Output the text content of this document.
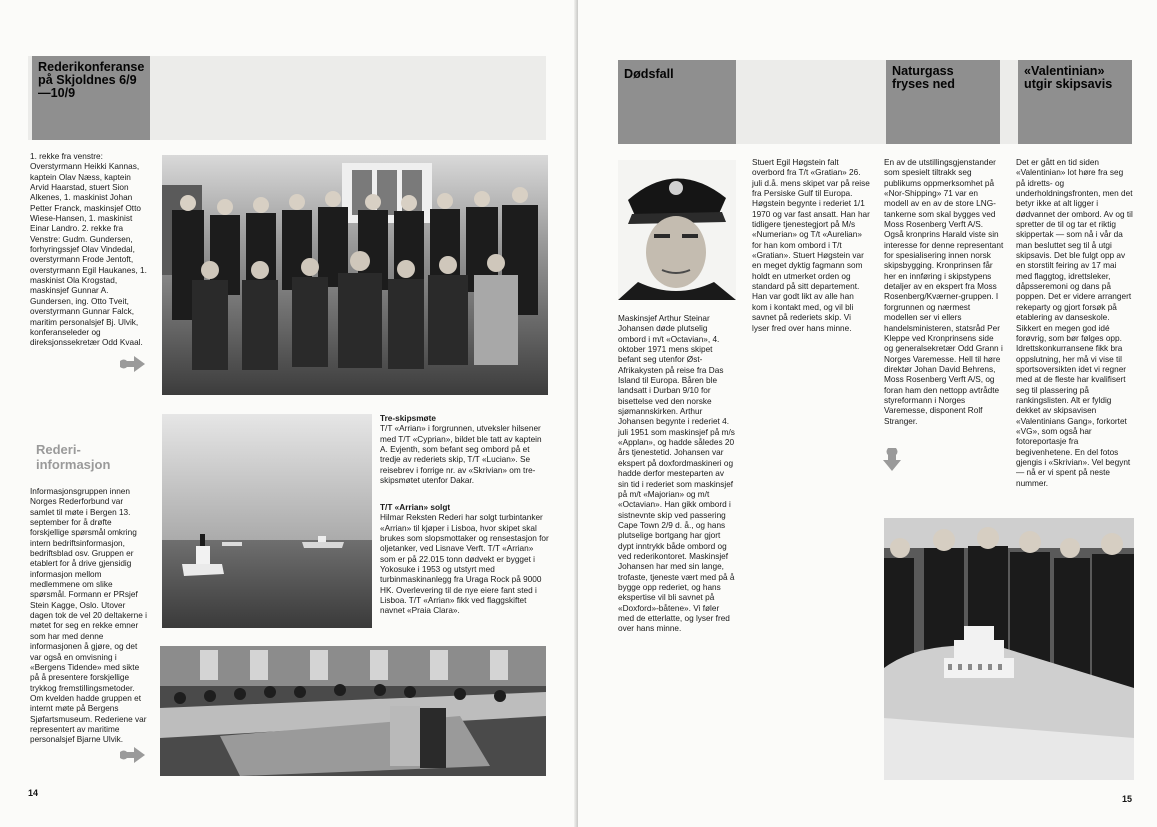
Rederikonferanse på Skjoldnes 6/9—10/9

1. rekke fra venstre: Overstyrmann Heikki Kannas, kaptein Olav Næss, kaptein Arvid Haarstad, stuert Sion Alkenes, 1. maskinist Johan Petter Franck, maskinsjef Otto Wiese-Hansen, 1. maskinist Einar Landro. 2. rekke fra Venstre: Gudm. Gundersen, forhyringssjef Olav Vindedal, overstyrmann Frode Jentoft, overstyrmann Egil Haukanes, 1. maskinist Ola Krogstad, maskinsjef Gunnar A. Gundersen, ing. Otto Tveit, overstyrmann Gunnar Falck, maritim personalsjef Bj. Ulvik, konferanseleder og direksjonssekretær Odd Kvaal.

Rederi-informasjon

Informasjonsgruppen innen Norges Rederforbund var samlet til møte i Bergen 13. september for å drøfte forskjellige spørsmål omkring intern bedriftsinformasjon, bedriftsblad osv. Gruppen er etablert for å drive gjensidig informasjon mellom medlemmene om slike spørsmål. Formann er PRsjef Stein Kagge, Oslo. Utover dagen tok de vel 20 deltakerne i møtet for seg en rekke emner som har med denne informasjonen å gjøre, og det var også en omvisning i «Bergens Tidende» med sikte på å presentere forskjellige trykkog fremstillingsmetoder. Om kvelden hadde gruppen et internt møte på Bergens Sjøfartsmuseum. Rederiene var representert av maritime personalsjef Bjarne Ulvik.

Tre-skipsmøte
T/T «Arrian» i forgrunnen, utveksler hilsener med T/T «Cyprian», bildet ble tatt av kaptein A. Evjenth, som befant seg ombord på et tredje av rederiets skip, T/T «Lucian». Se reisebrev i forrige nr. av «Skrivian» om tre-skipsmøtet utenfor Dakar.
T/T «Arrian» solgt
Hilmar Reksten Rederi har solgt turbintanker «Arrian» til kjøper i Lisboa, hvor skipet skal brukes som slopsmottaker og rensestasjon for oljetanker, ved Lisnave Verft. T/T «Arrian» som er på 22.015 tonn dødvekt er bygget i Yokosuke i 1953 og utstyrt med turbinmaskinanlegg fra Uraga Rock på 9000 HK. Overlevering til de nye eiere fant sted i Lisboa. T/T «Arrian» fikk ved flaggskiftet navnet «Praia Clara».
14
Dødsfall	Naturgass fryses ned
«Valentinian» utgir skipsavis

Maskinsjef Arthur Steinar Johansen døde plutselig ombord i m/t «Octavian», 4. oktober 1971 mens skipet befant seg utenfor Øst-Afrikakysten på reise fra Das Island til Europa. Båren ble landsatt i Durban 9/10 for bisettelse ved den norske sjømannskirken. Arthur Johansen begynte i rederiet 4. juli 1951 som maskinsjef på m/s «Applan», og hadde således 20 års tjenestetid. Johansen var ekspert på doxfordmaskineri og hadde derfor mesteparten av sin tid i rederiet som maskinsjef på m/t «Majorian» og m/t «Octavian». Han gikk ombord i sistnevnte skip ved passering Cape Town 2/9 d. å., og hans plutselige bortgang har gjort dypt inntrykk både ombord og ved rederikontoret. Maskinsjef Johansen har med sin lange, trofaste, tjeneste vært med på å bygge opp rederiet, og hans ekspertise vil bli savnet på «Doxford»-båtene». Vi føler med de etterlatte, og lyser fred over hans minne.

Stuert Egil Høgstein falt overbord fra T/t «Gratian» 26. juli d.å. mens skipet var på reise fra Persiske Gulf til Europa. Høgstein begynte i rederiet 1/1 1970 og var fast ansatt. Han har tidligere tjenestegjort på M/s «Numerian» og T/t «Aurelian» for han kom ombord i T/t «Gratian». Stuert Høgstein var en meget dyktig fagmann som holdt en utmerket orden og standard på sitt departement. Han var godt likt av alle han kom i kontakt med, og vil bli savnet på rederiets skip. Vi lyser fred over hans minne.

En av de utstillingsgjenstander som spesielt tiltrakk seg publikums oppmerksomhet på «Nor-Shipping» 71 var en modell av en av de store LNG-tankerne som skal bygges ved Moss Rosenberg Verft A/S. Også kronprins Harald viste sin interesse for denne representant for spesialisering innen norsk skipsbygging. Kronprinsen får her en innføring i skipstypens detaljer av en ekspert fra Moss Rosenberg/Kværner-gruppen. I forgrunnen og nærmest modellen ser vi ellers handelsministeren, statsråd Per Kleppe ved Kronprinsens side og generalsekretær Odd Grann i Norges Varemesse. Hell til høre direktør Johan David Behrens, Moss Rosenberg Verft A/S, og foran ham den nettopp avtrådte styreformann i Norges Varemesse, disponent Rolf Stranger.

Det er gått en tid siden «Valentinian» lot høre fra seg på idretts- og underholdningsfronten, men det betyr ikke at alt ligger i dødvannet der ombord. Av og til spretter de til og tar et riktig skippertak — som nå i vår da man besluttet seg til å utgi skipsavis. Det ble fulgt opp av en storstilt feiring av 17 mai med flaggtog, idrettsleker, dåpsseremoni og dans på poppen. Det er videre arrangert rekeparty og gjort forsøk på etablering av danseskole. Sikkert en megen god idé forøvrig, som bør følges opp. Idrettskonkurransene fikk bra oppslutning, her må vi vise til sportsoversikten idet vi regner med at de fleste har kvalifisert seg til plassering på rankingslisten. Alt er fyldig dekket av skipsavisen «Valentinians Gang», forkortet «VG», som også har fotoreportasje fra begivenhetene. En del fotos gjengis i «Skrivian». Vel begynt — nå er vi spent på neste nummer.

15
